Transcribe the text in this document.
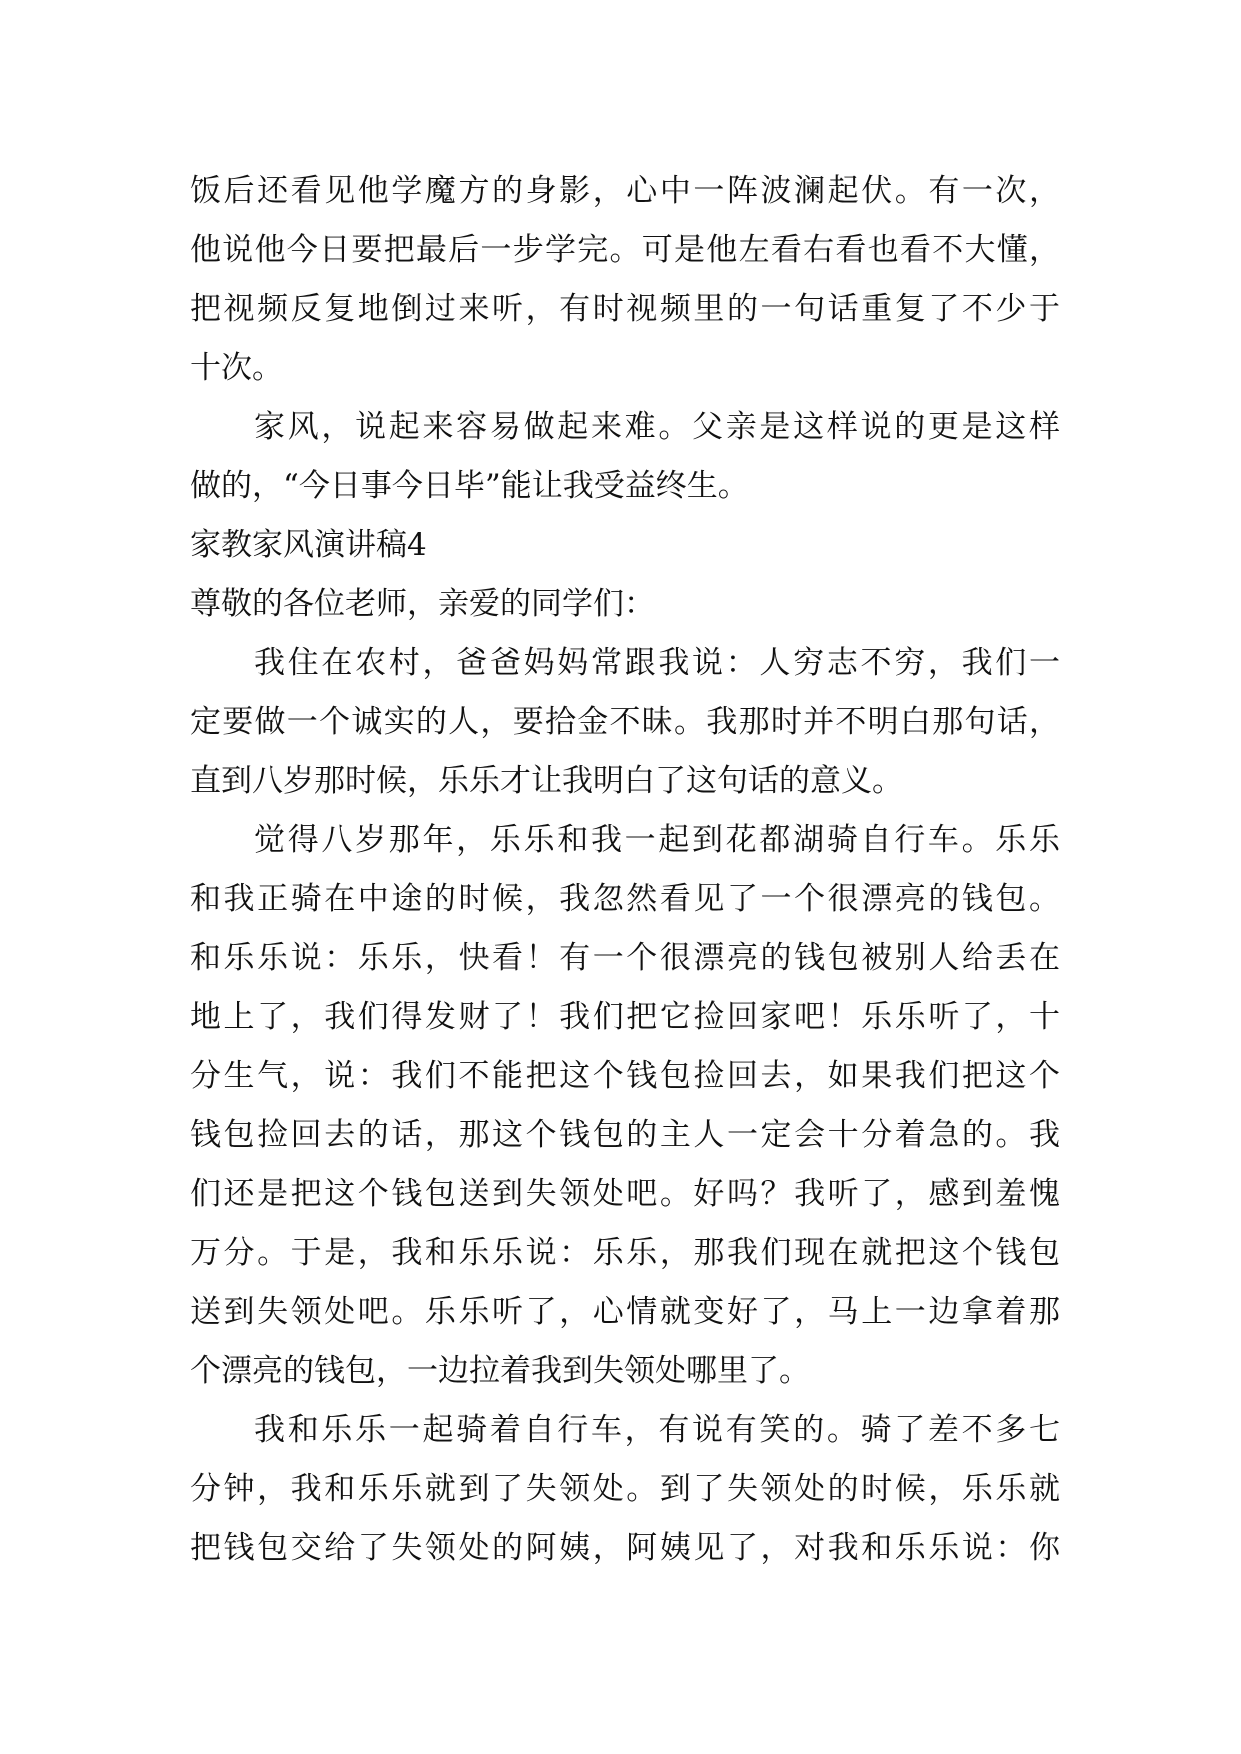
饭后还看见他学魔方的身影，心中一阵波澜起伏。有一次，
他说他今日要把最后一步学完。可是他左看右看也看不大懂，
把视频反复地倒过来听，有时视频里的一句话重复了不少于
十次。
家风，说起来容易做起来难。父亲是这样说的更是这样
做的，“今日事今日毕”能让我受益终生。
家教家风演讲稿4
尊敬的各位老师，亲爱的同学们：
我住在农村，爸爸妈妈常跟我说：人穷志不穷，我们一
定要做一个诚实的人，要拾金不昧。我那时并不明白那句话，
直到八岁那时候，乐乐才让我明白了这句话的意义。
觉得八岁那年，乐乐和我一起到花都湖骑自行车。乐乐
和我正骑在中途的时候，我忽然看见了一个很漂亮的钱包。
和乐乐说：乐乐，快看！有一个很漂亮的钱包被别人给丢在
地上了，我们得发财了！我们把它捡回家吧！乐乐听了，十
分生气，说：我们不能把这个钱包捡回去，如果我们把这个
钱包捡回去的话，那这个钱包的主人一定会十分着急的。我
们还是把这个钱包送到失领处吧。好吗？我听了，感到羞愧
万分。于是，我和乐乐说：乐乐，那我们现在就把这个钱包
送到失领处吧。乐乐听了，心情就变好了，马上一边拿着那
个漂亮的钱包，一边拉着我到失领处哪里了。
我和乐乐一起骑着自行车，有说有笑的。骑了差不多七
分钟，我和乐乐就到了失领处。到了失领处的时候，乐乐就
把钱包交给了失领处的阿姨，阿姨见了，对我和乐乐说：你
